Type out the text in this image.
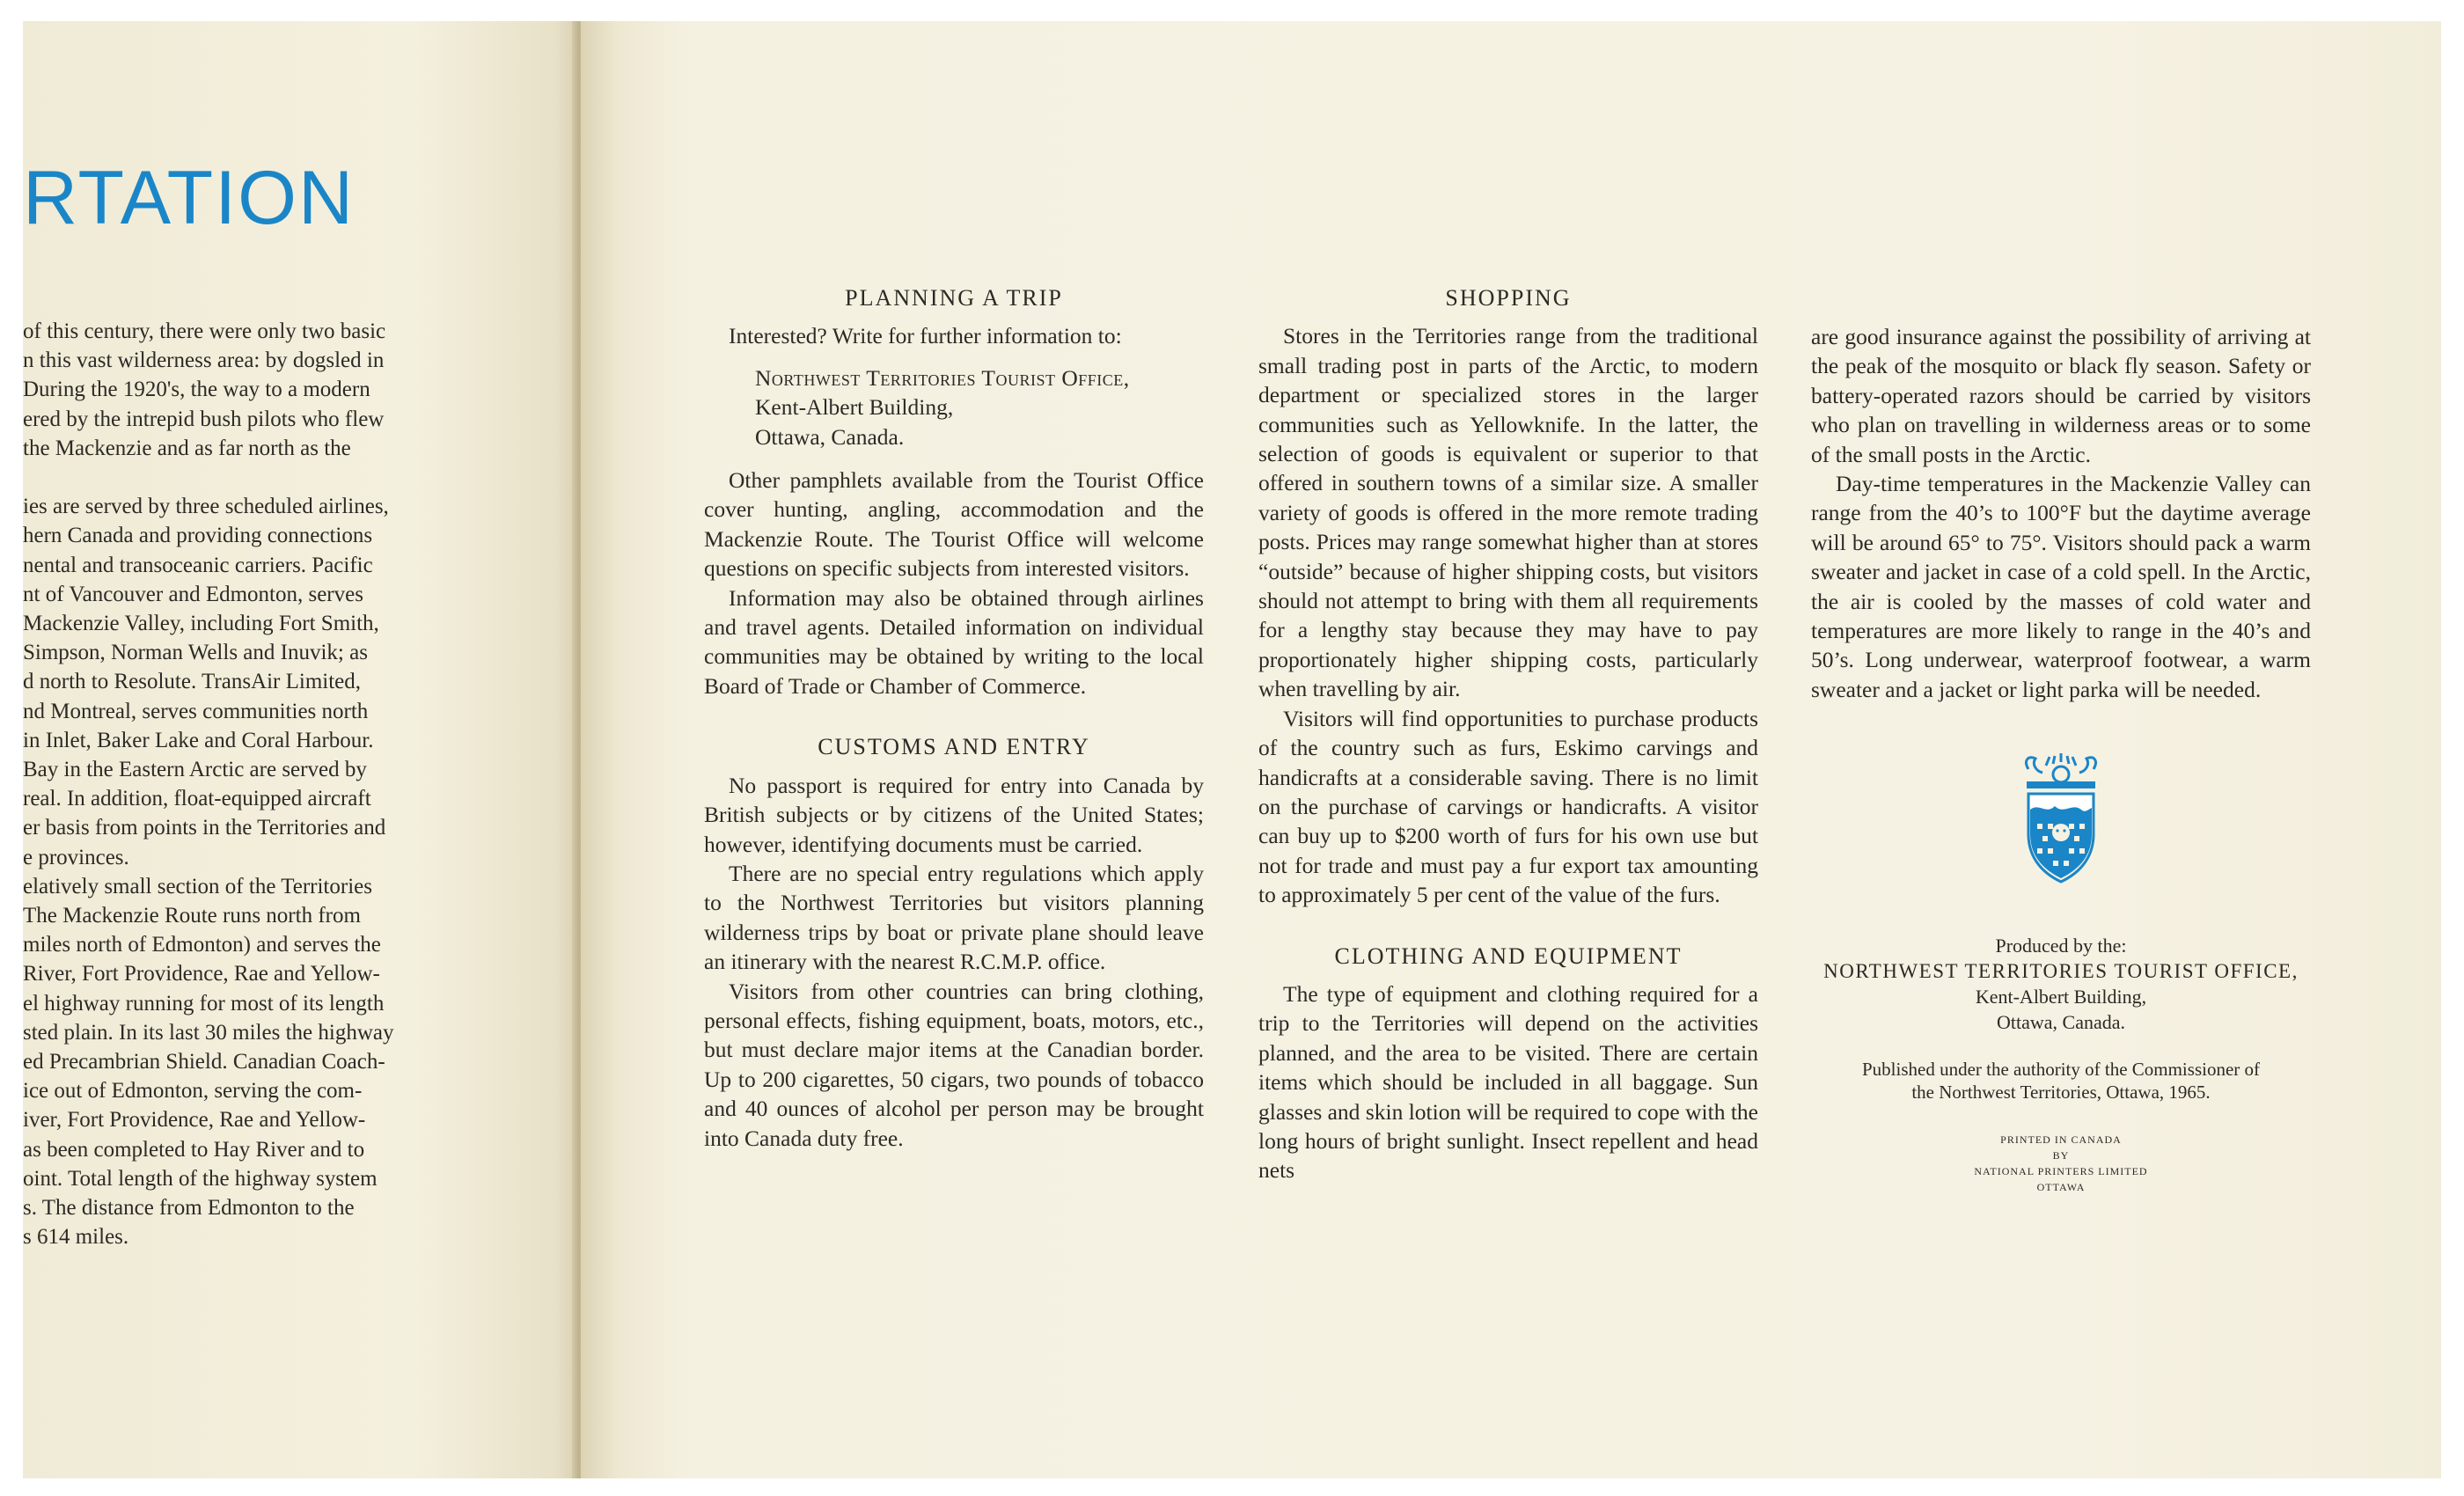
RTATION

of this century, there were only two basic

n this vast wilderness area: by dogsled in

During the 1920's, the way to a modern

ered by the intrepid bush pilots who flew

the Mackenzie and as far north as the

ies are served by three scheduled airlines,

hern Canada and providing connections

nental and transoceanic carriers. Pacific

nt of Vancouver and Edmonton, serves

Mackenzie Valley, including Fort Smith,

Simpson, Norman Wells and Inuvik; as

d north to Resolute. TransAir Limited,

nd Montreal, serves communities north

in Inlet, Baker Lake and Coral Harbour.

Bay in the Eastern Arctic are served by

real. In addition, float-equipped aircraft

er basis from points in the Territories and

e provinces.

elatively small section of the Territories

The Mackenzie Route runs north from

miles north of Edmonton) and serves the

River, Fort Providence, Rae and Yellow-

el highway running for most of its length

sted plain. In its last 30 miles the highway

ed Precambrian Shield. Canadian Coach-

ice out of Edmonton, serving the com-

iver, Fort Providence, Rae and Yellow-

as been completed to Hay River and to

oint. Total length of the highway system

s. The distance from Edmonton to the

s 614 miles.

PLANNING A TRIP

Interested? Write for further information to:

Northwest Territories Tourist Office,
Kent-Albert Building,
Ottawa, Canada.

Other pamphlets available from the Tourist Office cover hunting, angling, accommodation and the Mackenzie Route. The Tourist Office will welcome questions on specific subjects from interested visitors.

Information may also be obtained through airlines and travel agents. Detailed information on individual communities may be obtained by writing to the local Board of Trade or Chamber of Commerce.

CUSTOMS AND ENTRY

No passport is required for entry into Canada by British subjects or by citizens of the United States; however, identifying documents must be carried.

There are no special entry regulations which apply to the Northwest Territories but visitors planning wilderness trips by boat or private plane should leave an itinerary with the nearest R.C.M.P. office.

Visitors from other countries can bring clothing, personal effects, fishing equipment, boats, motors, etc., but must declare major items at the Canadian border. Up to 200 cigarettes, 50 cigars, two pounds of tobacco and 40 ounces of alcohol per person may be brought into Canada duty free.

SHOPPING

Stores in the Territories range from the traditional small trading post in parts of the Arctic, to modern department or specialized stores in the larger communities such as Yellowknife. In the latter, the selection of goods is equivalent or superior to that offered in southern towns of a similar size. A smaller variety of goods is offered in the more remote trading posts. Prices may range somewhat higher than at stores “outside” because of higher shipping costs, but visitors should not attempt to bring with them all requirements for a lengthy stay because they may have to pay proportionately higher shipping costs, particularly when travelling by air.

Visitors will find opportunities to purchase products of the country such as furs, Eskimo carvings and handicrafts at a considerable saving. There is no limit on the purchase of carvings or handicrafts. A visitor can buy up to $200 worth of furs for his own use but not for trade and must pay a fur export tax amounting to approximately 5 per cent of the value of the furs.

CLOTHING AND EQUIPMENT

The type of equipment and clothing required for a trip to the Territories will depend on the activities planned, and the area to be visited. There are certain items which should be included in all baggage. Sun glasses and skin lotion will be required to cope with the long hours of bright sunlight. Insect repellent and head nets

are good insurance against the possibility of arriving at the peak of the mosquito or black fly season. Safety or battery-operated razors should be carried by visitors who plan on travelling in wilderness areas or to some of the small posts in the Arctic.

Day-time temperatures in the Mackenzie Valley can range from the 40’s to 100°F but the daytime average will be around 65° to 75°. Visitors should pack a warm sweater and jacket in case of a cold spell. In the Arctic, the air is cooled by the masses of cold water and temperatures are more likely to range in the 40’s and 50’s. Long underwear, waterproof footwear, a warm sweater and a jacket or light parka will be needed.

Produced by the:
NORTHWEST TERRITORIES TOURIST OFFICE,
Kent-Albert Building,
Ottawa, Canada.
Published under the authority of the Commissioner of
the Northwest Territories, Ottawa, 1965.
PRINTED IN CANADA
BY
NATIONAL PRINTERS LIMITED
OTTAWA
